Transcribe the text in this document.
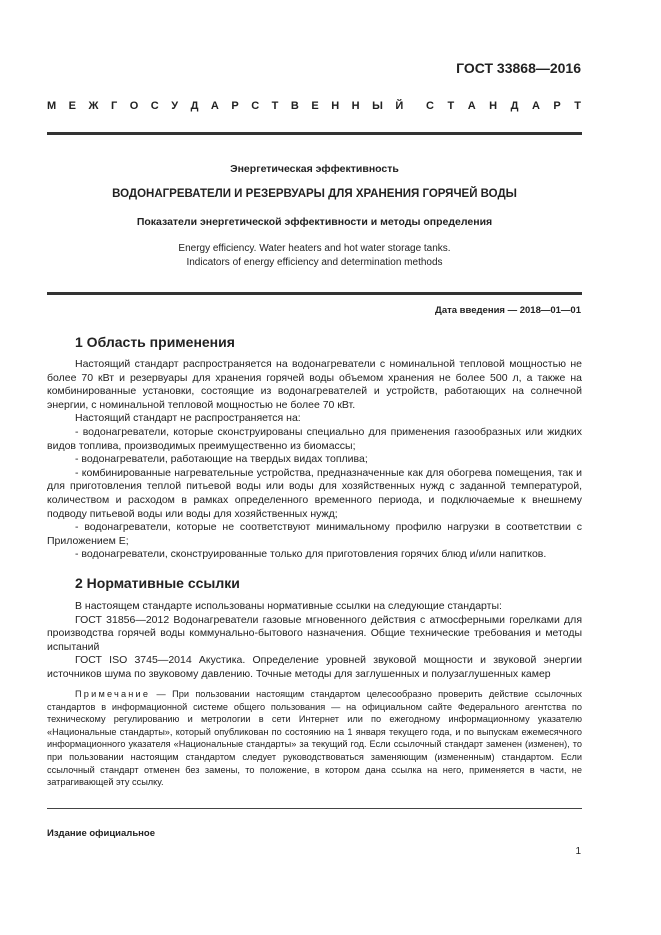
ГОСТ 33868—2016
М Е Ж Г О С У Д А Р С Т В Е Н Н Ы Й С Т А Н Д А Р Т
Энергетическая эффективность
ВОДОНАГРЕВАТЕЛИ И РЕЗЕРВУАРЫ ДЛЯ ХРАНЕНИЯ ГОРЯЧЕЙ ВОДЫ
Показатели энергетической эффективности и методы определения
Energy efficiency. Water heaters and hot water storage tanks.
Indicators of energy efficiency and determination methods
Дата введения — 2018—01—01
1 Область применения

Настоящий стандарт распространяется на водонагреватели с номинальной тепловой мощностью не более 70 кВт и резервуары для хранения горячей воды объемом хранения не более 500 л, а также на комбинированные установки, состоящие из водонагревателей и устройств, работающих на солнечной энергии, с номинальной тепловой мощностью не более 70 кВт.

Настоящий стандарт не распространяется на:

- водонагреватели, которые сконструированы специально для применения газообразных или жидких видов топлива, производимых преимущественно из биомассы;

- водонагреватели, работающие на твердых видах топлива;

- комбинированные нагревательные устройства, предназначенные как для обогрева помещения, так и для приготовления теплой питьевой воды или воды для хозяйственных нужд с заданной температурой, количеством и расходом в рамках определенного временного периода, и подключаемые к внешнему подводу питьевой воды или воды для хозяйственных нужд;

- водонагреватели, которые не соответствуют минимальному профилю нагрузки в соответствии с Приложением Е;

- водонагреватели, сконструированные только для приготовления горячих блюд и/или напитков.

2 Нормативные ссылки

В настоящем стандарте использованы нормативные ссылки на следующие стандарты:

ГОСТ 31856—2012 Водонагреватели газовые мгновенного действия с атмосферными горелками для производства горячей воды коммунально-бытового назначения. Общие технические требования и методы испытаний

ГОСТ ISO 3745—2014 Акустика. Определение уровней звуковой мощности и звуковой энергии источников шума по звуковому давлению. Точные методы для заглушенных и полузаглушенных камер

Примечание — При пользовании настоящим стандартом целесообразно проверить действие ссылочных стандартов в информационной системе общего пользования — на официальном сайте Федерального агентства по техническому регулированию и метрологии в сети Интернет или по ежегодному информационному указателю «Национальные стандарты», который опубликован по состоянию на 1 января текущего года, и по выпускам ежемесячного информационного указателя «Национальные стандарты» за текущий год. Если ссылочный стандарт заменен (изменен), то при пользовании настоящим стандартом следует руководствоваться заменяющим (измененным) стандартом. Если ссылочный стандарт отменен без замены, то положение, в котором дана ссылка на него, применяется в части, не затрагивающей эту ссылку.

Издание официальное
1
